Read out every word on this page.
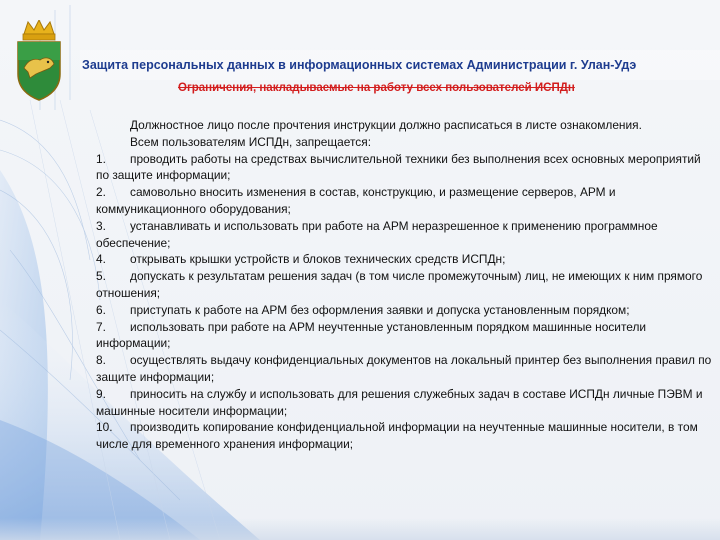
Защита персональных данных в информационных системах Администрации г. Улан-Удэ
Ограничения, накладываемые на работу всех пользователей ИСПДн

Должностное лицо после прочтения инструкции должно расписаться в листе ознакомления.

Всем пользователям ИСПДн, запрещается:

1. проводить работы на средствах вычислительной техники без выполнения всех основных мероприятий по защите информации;

2. самовольно вносить изменения в состав, конструкцию, и размещение серверов, АРМ и коммуникационного оборудования;

3. устанавливать и использовать при работе на АРМ неразрешенное к применению программное обеспечение;

4. открывать крышки устройств и блоков технических средств ИСПДн;

5. допускать к результатам решения задач (в том числе промежуточным) лиц, не имеющих к ним прямого отношения;

6. приступать к работе на АРМ без оформления заявки и допуска установленным порядком;

7. использовать при работе на АРМ неучтенные установленным порядком машинные носители информации;

8. осуществлять выдачу конфиденциальных документов на локальный принтер без выполнения правил по защите информации;

9. приносить на службу и использовать для решения служебных задач в составе ИСПДн личные ПЭВМ и машинные носители информации;

10. производить копирование конфиденциальной информации на неучтенные машинные носители, в том числе для временного хранения информации;
